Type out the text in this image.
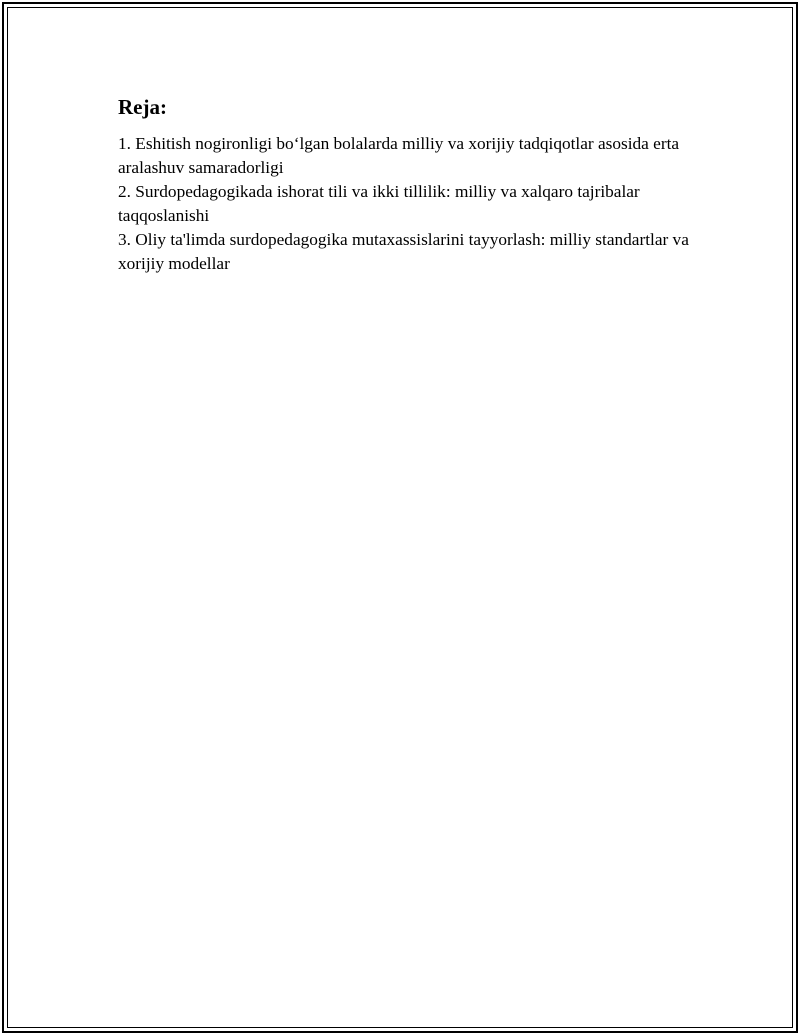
Reja:
1. Eshitish nogironligi bo‘lgan bolalarda milliy va xorijiy tadqiqotlar asosida erta aralashuv samaradorligi
2. Surdopedagogikada ishorat tili va ikki tillilik: milliy va xalqaro tajribalar taqqoslanishi
3. Oliy ta'limda surdopedagogika mutaxassislarini tayyorlash: milliy standartlar va xorijiy modellar
